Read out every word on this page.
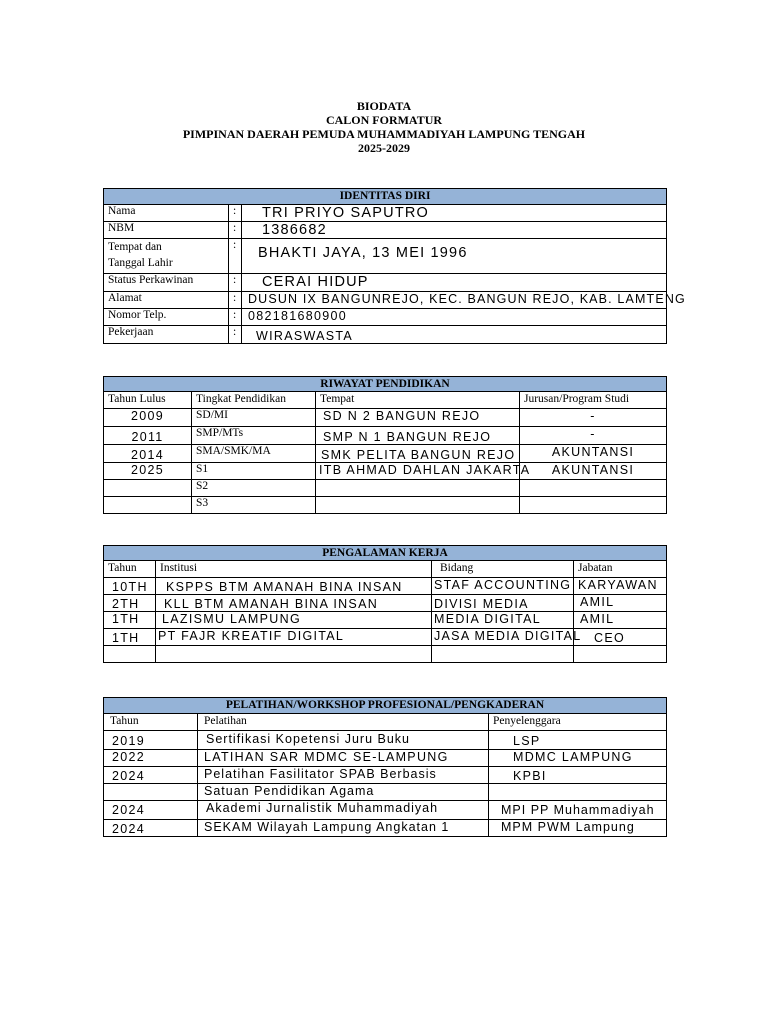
BIODATA
CALON FORMATUR
PIMPINAN DAERAH PEMUDA MUHAMMADIYAH LAMPUNG TENGAH
2025-2029
IDENTITAS DIRI		
Nama	:	TRI PRIYO SAPUTRO
NBM	:	1386682

Tempat dan
Tanggal Lahir	:	BHAKTI JAYA, 13 MEI 1996
Status Perkawinan	:	CERAI HIDUP
Alamat	:	DUSUN IX BANGUNREJO, KEC. BANGUN REJO, KAB. LAMTENG
Nomor Telp.	:	082181680900
Pekerjaan	:	WIRASWASTA
RIWAYAT PENDIDIKAN			
Tahun Lulus	Tingkat Pendidikan	Tempat	Jurusan/Program Studi
2009	SD/MI	SD N 2 BANGUN REJO	-
2011	SMP/MTs	SMP N 1 BANGUN REJO	-
2014	SMA/SMK/MA	SMK PELITA BANGUN REJO	AKUNTANSI
2025	S1	ITB AHMAD DAHLAN JAKARTA	AKUNTANSI
	S2		
	S3		
PENGALAMAN KERJA			
Tahun	Institusi	Bidang	Jabatan
10TH	KSPPS BTM AMANAH BINA INSAN	STAF ACCOUNTING	KARYAWAN
2TH	KLL BTM AMANAH BINA INSAN	DIVISI MEDIA	AMIL
1TH	LAZISMU LAMPUNG	MEDIA DIGITAL	AMIL
1TH	PT FAJR KREATIF DIGITAL	JASA MEDIA DIGITAL	CEO

PELATIHAN/WORKSHOP PROFESIONAL/PENGKADERAN		
Tahun	Pelatihan	Penyelenggara
2019	Sertifikasi Kopetensi Juru Buku	LSP
2022	LATIHAN SAR MDMC SE-LAMPUNG	MDMC LAMPUNG
2024	Pelatihan Fasilitator SPAB Berbasis	KPBI
	Satuan Pendidikan Agama	
2024	Akademi Jurnalistik Muhammadiyah	MPI PP Muhammadiyah
2024	SEKAM Wilayah Lampung Angkatan 1	MPM PWM Lampung
